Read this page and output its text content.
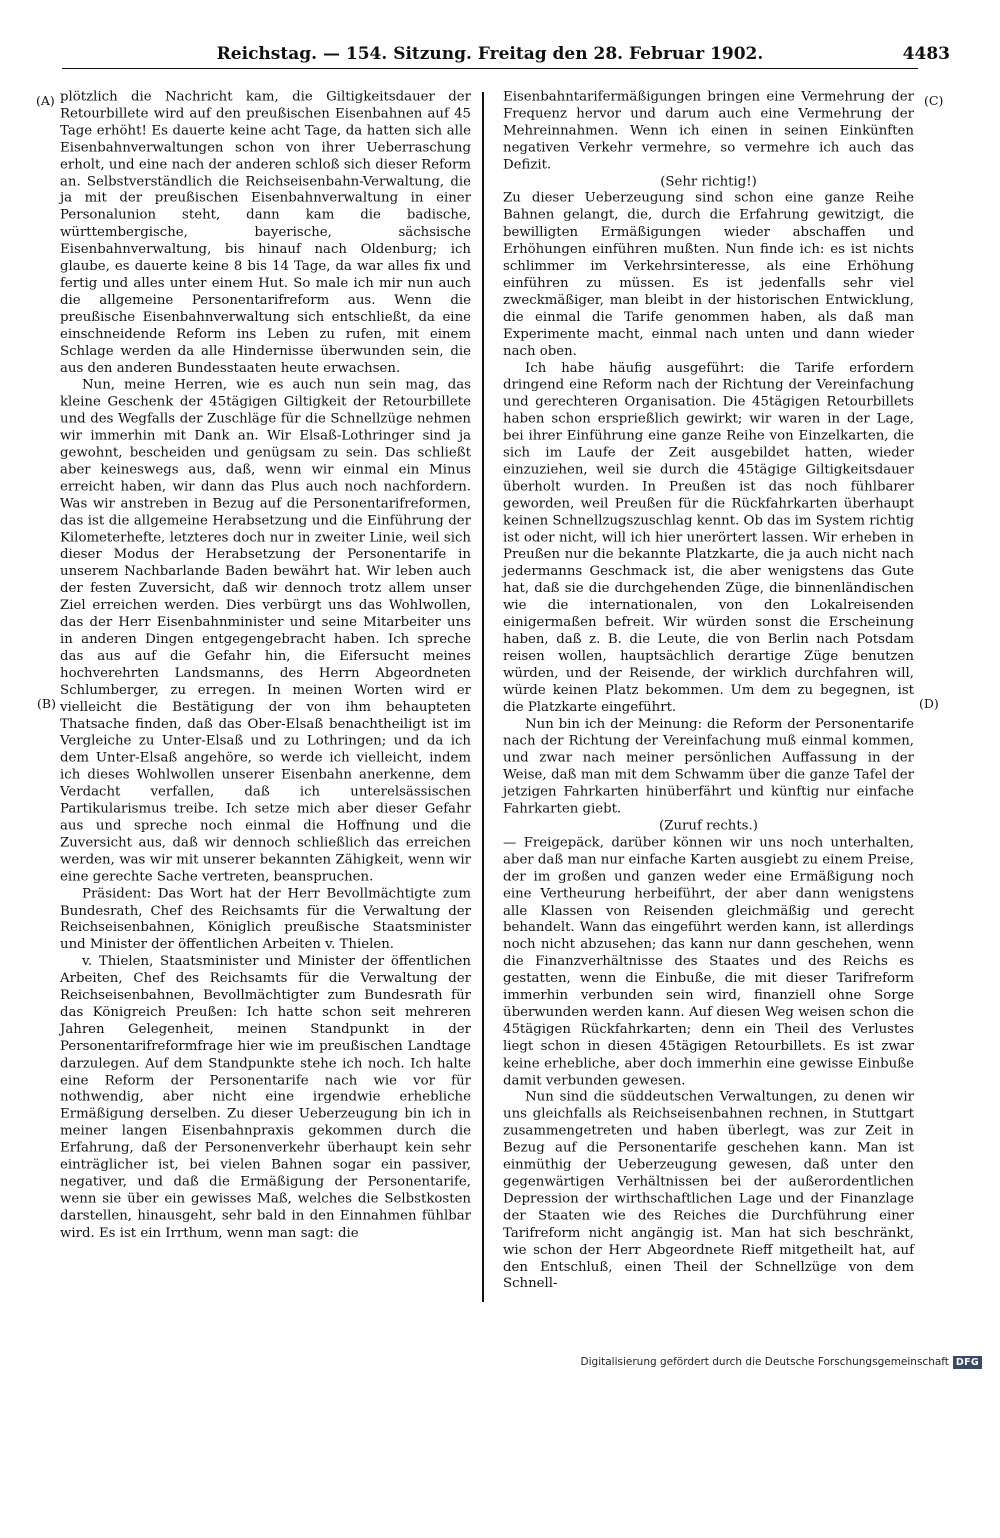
Reichstag. — 154. Sitzung. Freitag den 28. Februar 1902.	4483
(A)
(B)
(C)
(D)

plötzlich die Nachricht kam, die Giltigkeitsdauer der Retourbillete wird auf den preußischen Eisenbahnen auf 45 Tage erhöht! Es dauerte keine acht Tage, da hatten sich alle Eisenbahnverwaltungen schon von ihrer Ueberraschung erholt, und eine nach der anderen schloß sich dieser Reform an. Selbstverständlich die Reichseisenbahn-Verwaltung, die ja mit der preußischen Eisenbahnverwaltung in einer Personalunion steht, dann kam die badische, württembergische, bayerische, sächsische Eisenbahnverwaltung, bis hinauf nach Oldenburg; ich glaube, es dauerte keine 8 bis 14 Tage, da war alles fix und fertig und alles unter einem Hut. So male ich mir nun auch die allgemeine Personentarifreform aus. Wenn die preußische Eisenbahnverwaltung sich entschließt, da eine einschneidende Reform ins Leben zu rufen, mit einem Schlage werden da alle Hindernisse überwunden sein, die aus den anderen Bundesstaaten heute erwachsen.

Nun, meine Herren, wie es auch nun sein mag, das kleine Geschenk der 45tägigen Giltigkeit der Retourbillete und des Wegfalls der Zuschläge für die Schnellzüge nehmen wir immerhin mit Dank an. Wir Elsaß-Lothringer sind ja gewohnt, bescheiden und genügsam zu sein. Das schließt aber keineswegs aus, daß, wenn wir einmal ein Minus erreicht haben, wir dann das Plus auch noch nachfordern. Was wir anstreben in Bezug auf die Personentarifreformen, das ist die allgemeine Herabsetzung und die Einführung der Kilometerhefte, letzteres doch nur in zweiter Linie, weil sich dieser Modus der Herabsetzung der Personentarife in unserem Nachbarlande Baden bewährt hat. Wir leben auch der festen Zuversicht, daß wir dennoch trotz allem unser Ziel erreichen werden. Dies verbürgt uns das Wohlwollen, das der Herr Eisenbahnminister und seine Mitarbeiter uns in anderen Dingen entgegengebracht haben. Ich spreche das aus auf die Gefahr hin, die Eifersucht meines hochverehrten Landsmanns, des Herrn Abgeordneten Schlumberger, zu erregen. In meinen Worten wird er vielleicht die Bestätigung der von ihm behaupteten Thatsache finden, daß das Ober-Elsaß benachtheiligt ist im Vergleiche zu Unter-Elsaß und zu Lothringen; und da ich dem Unter-Elsaß angehöre, so werde ich vielleicht, indem ich dieses Wohlwollen unserer Eisenbahn anerkenne, dem Verdacht verfallen, daß ich unterelsässischen Partikularismus treibe. Ich setze mich aber dieser Gefahr aus und spreche noch einmal die Hoffnung und die Zuversicht aus, daß wir dennoch schließlich das erreichen werden, was wir mit unserer bekannten Zähigkeit, wenn wir eine gerechte Sache vertreten, beanspruchen.

Präsident: Das Wort hat der Herr Bevollmächtigte zum Bundesrath, Chef des Reichsamts für die Verwaltung der Reichseisenbahnen, Königlich preußische Staatsminister und Minister der öffentlichen Arbeiten v. Thielen.

v. Thielen, Staatsminister und Minister der öffentlichen Arbeiten, Chef des Reichsamts für die Verwaltung der Reichseisenbahnen, Bevollmächtigter zum Bundesrath für das Königreich Preußen: Ich hatte schon seit mehreren Jahren Gelegenheit, meinen Standpunkt in der Personentarifreformfrage hier wie im preußischen Landtage darzulegen. Auf dem Standpunkte stehe ich noch. Ich halte eine Reform der Personentarife nach wie vor für nothwendig, aber nicht eine irgendwie erhebliche Ermäßigung derselben. Zu dieser Ueberzeugung bin ich in meiner langen Eisenbahnpraxis gekommen durch die Erfahrung, daß der Personenverkehr überhaupt kein sehr einträglicher ist, bei vielen Bahnen sogar ein passiver, negativer, und daß die Ermäßigung der Personentarife, wenn sie über ein gewisses Maß, welches die Selbstkosten darstellen, hinausgeht, sehr bald in den Einnahmen fühlbar wird. Es ist ein Irrthum, wenn man sagt: die

Eisenbahntarifermäßigungen bringen eine Vermehrung der Frequenz hervor und darum auch eine Vermehrung der Mehreinnahmen. Wenn ich einen in seinen Einkünften negativen Verkehr vermehre, so vermehre ich auch das Defizit.

(Sehr richtig!)

Zu dieser Ueberzeugung sind schon eine ganze Reihe Bahnen gelangt, die, durch die Erfahrung gewitzigt, die bewilligten Ermäßigungen wieder abschaffen und Erhöhungen einführen mußten. Nun finde ich: es ist nichts schlimmer im Verkehrsinteresse, als eine Erhöhung einführen zu müssen. Es ist jedenfalls sehr viel zweckmäßiger, man bleibt in der historischen Entwicklung, die einmal die Tarife genommen haben, als daß man Experimente macht, einmal nach unten und dann wieder nach oben.

Ich habe häufig ausgeführt: die Tarife erfordern dringend eine Reform nach der Richtung der Vereinfachung und gerechteren Organisation. Die 45tägigen Retourbillets haben schon ersprießlich gewirkt; wir waren in der Lage, bei ihrer Einführung eine ganze Reihe von Einzelkarten, die sich im Laufe der Zeit ausgebildet hatten, wieder einzuziehen, weil sie durch die 45tägige Giltigkeitsdauer überholt wurden. In Preußen ist das noch fühlbarer geworden, weil Preußen für die Rückfahrkarten überhaupt keinen Schnellzugszuschlag kennt. Ob das im System richtig ist oder nicht, will ich hier unerörtert lassen. Wir erheben in Preußen nur die bekannte Platzkarte, die ja auch nicht nach jedermanns Geschmack ist, die aber wenigstens das Gute hat, daß sie die durchgehenden Züge, die binnenländischen wie die internationalen, von den Lokalreisenden einigermaßen befreit. Wir würden sonst die Erscheinung haben, daß z. B. die Leute, die von Berlin nach Potsdam reisen wollen, hauptsächlich derartige Züge benutzen würden, und der Reisende, der wirklich durchfahren will, würde keinen Platz bekommen. Um dem zu begegnen, ist die Platzkarte eingeführt.

Nun bin ich der Meinung: die Reform der Personentarife nach der Richtung der Vereinfachung muß einmal kommen, und zwar nach meiner persönlichen Auffassung in der Weise, daß man mit dem Schwamm über die ganze Tafel der jetzigen Fahrkarten hinüberfährt und künftig nur einfache Fahrkarten giebt.

(Zuruf rechts.)

— Freigepäck, darüber können wir uns noch unterhalten, aber daß man nur einfache Karten ausgiebt zu einem Preise, der im großen und ganzen weder eine Ermäßigung noch eine Vertheurung herbeiführt, der aber dann wenigstens alle Klassen von Reisenden gleichmäßig und gerecht behandelt. Wann das eingeführt werden kann, ist allerdings noch nicht abzusehen; das kann nur dann geschehen, wenn die Finanzverhältnisse des Staates und des Reichs es gestatten, wenn die Einbuße, die mit dieser Tarifreform immerhin verbunden sein wird, finanziell ohne Sorge überwunden werden kann. Auf diesen Weg weisen schon die 45tägigen Rückfahrkarten; denn ein Theil des Verlustes liegt schon in diesen 45tägigen Retourbillets. Es ist zwar keine erhebliche, aber doch immerhin eine gewisse Einbuße damit verbunden gewesen.

Nun sind die süddeutschen Verwaltungen, zu denen wir uns gleichfalls als Reichseisenbahnen rechnen, in Stuttgart zusammengetreten und haben überlegt, was zur Zeit in Bezug auf die Personentarife geschehen kann. Man ist einmüthig der Ueberzeugung gewesen, daß unter den gegenwärtigen Verhältnissen bei der außerordentlichen Depression der wirthschaftlichen Lage und der Finanzlage der Staaten wie des Reiches die Durchführung einer Tarifreform nicht angängig ist. Man hat sich beschränkt, wie schon der Herr Abgeordnete Rieff mitgetheilt hat, auf den Entschluß, einen Theil der Schnellzüge von dem Schnell-

Digitalisierung gefördert durch die Deutsche Forschungsgemeinschaft DFG
